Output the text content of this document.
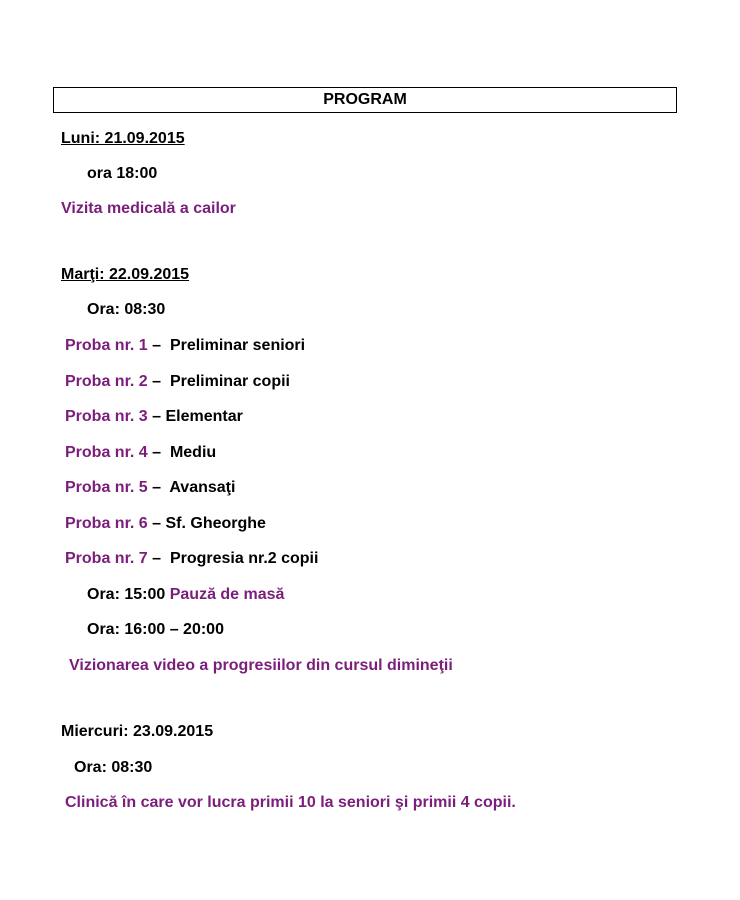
PROGRAM
Luni: 21.09.2015
ora 18:00
Vizita medicală a cailor
Marţi: 22.09.2015
Ora: 08:30
Proba nr. 1 –  Preliminar seniori
Proba nr. 2 –  Preliminar copii
Proba nr. 3 – Elementar
Proba nr. 4 –  Mediu
Proba nr. 5 –  Avansaţi
Proba nr. 6 – Sf. Gheorghe
Proba nr. 7 –  Progresia nr.2 copii
Ora: 15:00 Pauză de masă
Ora: 16:00 – 20:00
Vizionarea video a progresiilor din cursul dimineţii
Miercuri: 23.09.2015
Ora: 08:30
Clinică în care vor lucra primii 10 la seniori şi primii 4 copii.
